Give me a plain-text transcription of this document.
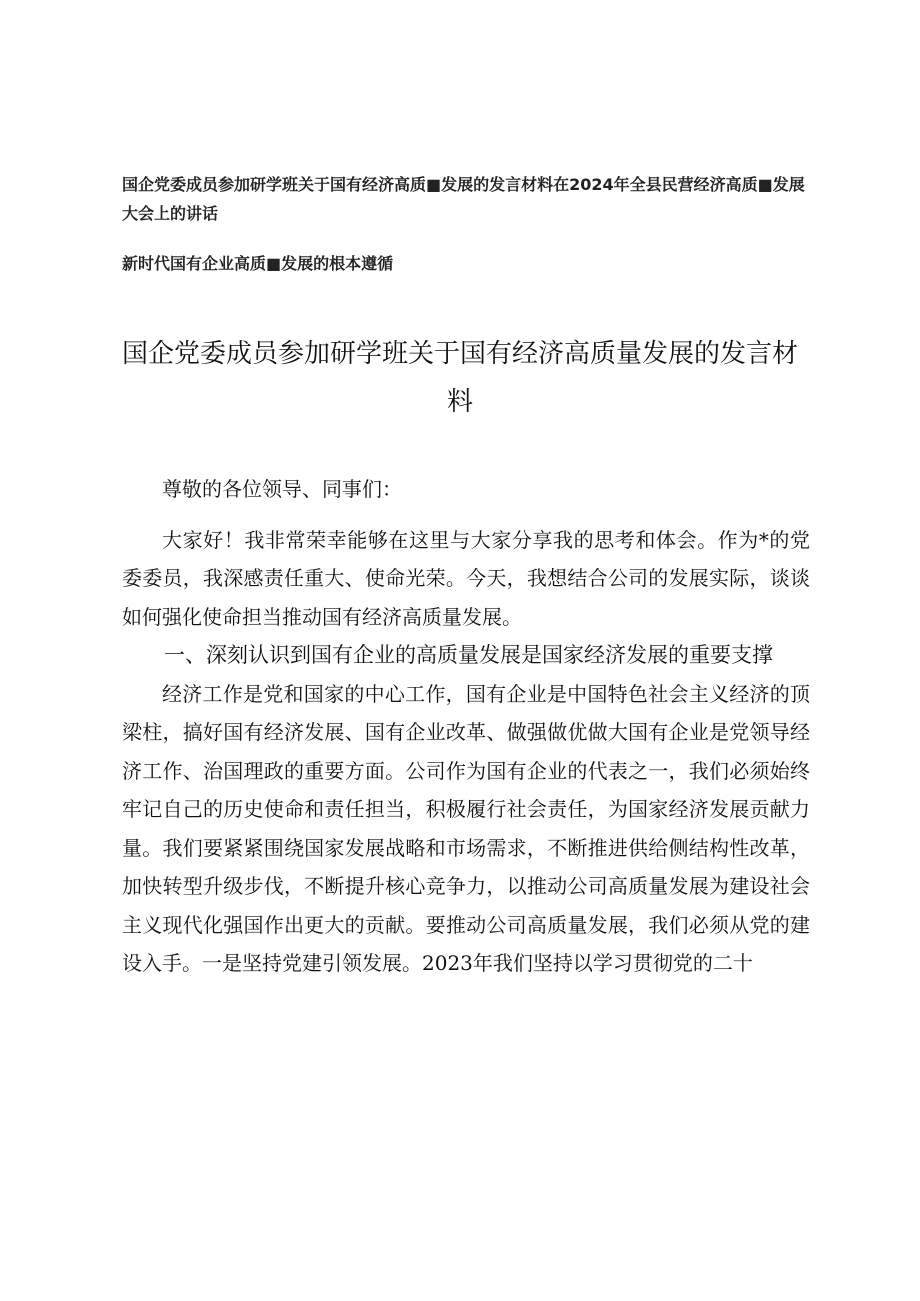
国企党委成员参加研学班关于国有经济高质■发展的发言材料在2024年全县民营经济高质■发展大会上的讲话

新时代国有企业高质■发展的根本遵循

国企党委成员参加研学班关于国有经济高质量发展的发言材料

尊敬的各位领导、同事们：

大家好！我非常荣幸能够在这里与大家分享我的思考和体会。作为*的党委委员，我深感责任重大、使命光荣。今天，我想结合公司的发展实际，谈谈如何强化使命担当推动国有经济高质量发展。

一、深刻认识到国有企业的高质量发展是国家经济发展的重要支撑

经济工作是党和国家的中心工作，国有企业是中国特色社会主义经济的顶梁柱，搞好国有经济发展、国有企业改革、做强做优做大国有企业是党领导经济工作、治国理政的重要方面。公司作为国有企业的代表之一，我们必须始终牢记自己的历史使命和责任担当，积极履行社会责任，为国家经济发展贡献力量。我们要紧紧围绕国家发展战略和市场需求，不断推进供给侧结构性改革，加快转型升级步伐，不断提升核心竞争力，以推动公司高质量发展为建设社会主义现代化强国作出更大的贡献。要推动公司高质量发展，我们必须从党的建设入手。一是坚持党建引领发展。2023年我们坚持以学习贯彻党的二十
